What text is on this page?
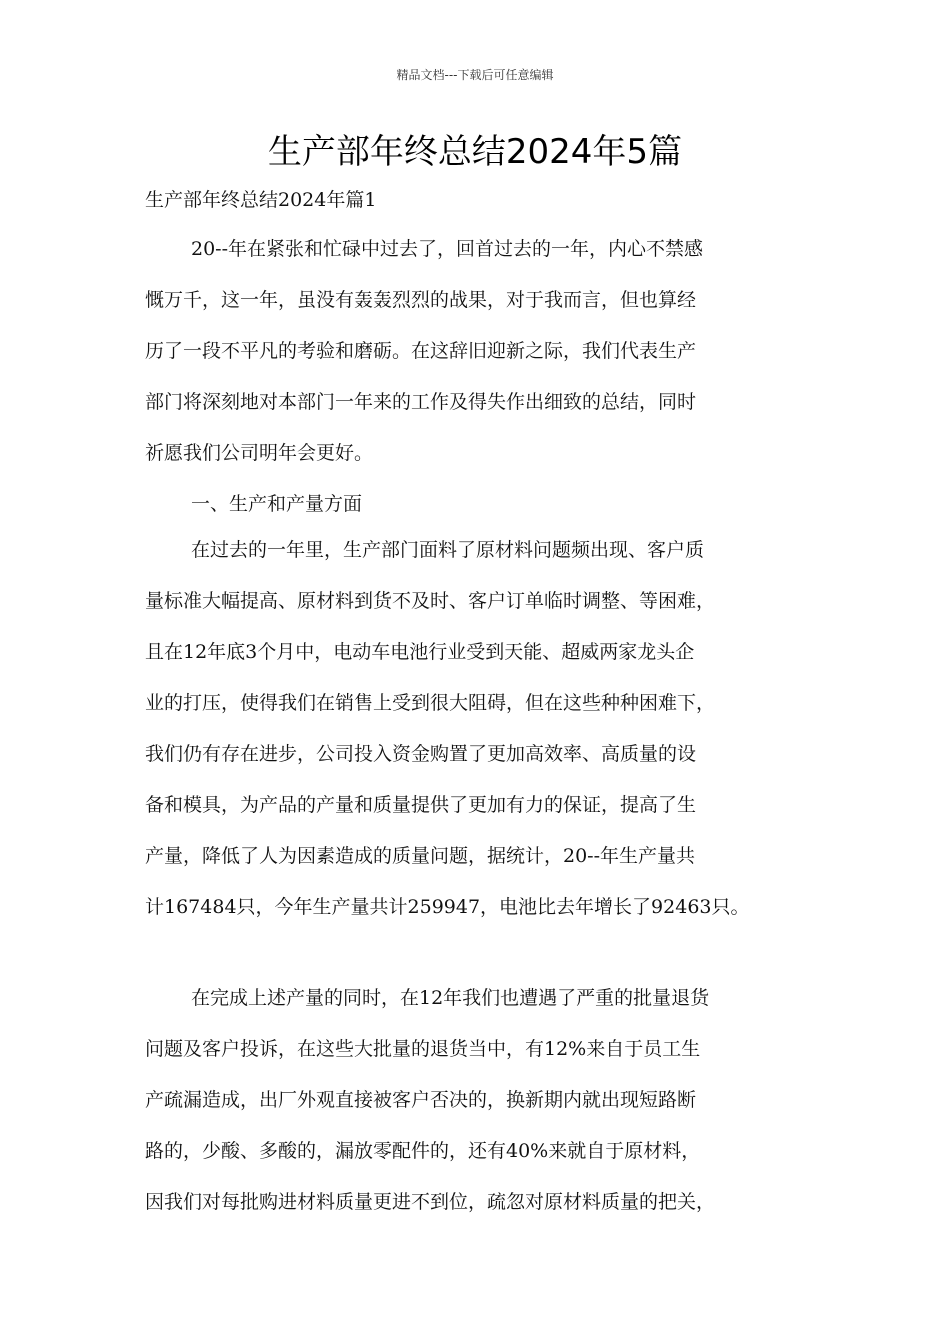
精品文档---下载后可任意编辑
生产部年终总结2024年5篇
生产部年终总结2024年篇1
20--年在紧张和忙碌中过去了，回首过去的一年，内心不禁感
慨万千，这一年，虽没有轰轰烈烈的战果，对于我而言，但也算经
历了一段不平凡的考验和磨砺。在这辞旧迎新之际，我们代表生产
部门将深刻地对本部门一年来的工作及得失作出细致的总结，同时
祈愿我们公司明年会更好。
一、生产和产量方面
在过去的一年里，生产部门面料了原材料问题频出现、客户质
量标准大幅提高、原材料到货不及时、客户订单临时调整、等困难，
且在12年底3个月中，电动车电池行业受到天能、超威两家龙头企
业的打压，使得我们在销售上受到很大阻碍，但在这些种种困难下，
我们仍有存在进步，公司投入资金购置了更加高效率、高质量的设
备和模具，为产品的产量和质量提供了更加有力的保证，提高了生
产量，降低了人为因素造成的质量问题，据统计，20--年生产量共
计167484只，今年生产量共计259947，电池比去年增长了92463只。
在完成上述产量的同时，在12年我们也遭遇了严重的批量退货
问题及客户投诉，在这些大批量的退货当中，有12%来自于员工生
产疏漏造成，出厂外观直接被客户否决的，换新期内就出现短路断
路的，少酸、多酸的，漏放零配件的，还有40%来就自于原材料，
因我们对每批购进材料质量更进不到位，疏忽对原材料质量的把关，
